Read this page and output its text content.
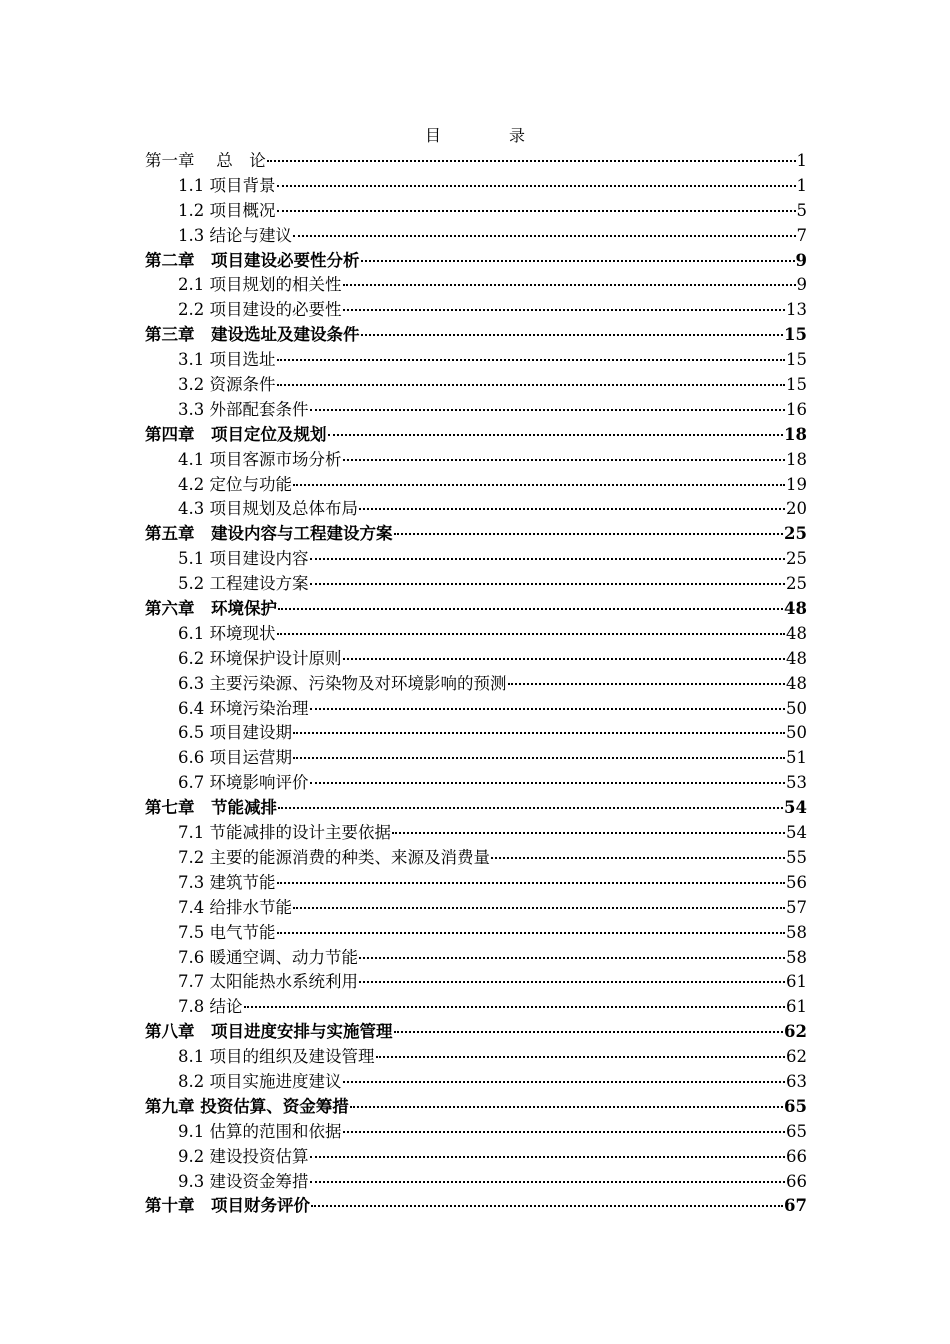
目　录
第一章　 总　论	1
1.1 项目背景	1
1.2 项目概况	5
1.3 结论与建议	7
第二章　项目建设必要性分析	9
2.1 项目规划的相关性	9
2.2 项目建设的必要性	13
第三章　建设选址及建设条件	15
3.1 项目选址	15
3.2 资源条件	15
3.3 外部配套条件	16
第四章　项目定位及规划	18
4.1 项目客源市场分析	18
4.2 定位与功能	19
4.3 项目规划及总体布局	20
第五章　建设内容与工程建设方案	25
5.1 项目建设内容	25
5.2 工程建设方案	25
第六章　环境保护	48
6.1 环境现状	48
6.2 环境保护设计原则	48
6.3 主要污染源、污染物及对环境影响的预测	48
6.4 环境污染治理	50
6.5 项目建设期	50
6.6 项目运营期	51
6.7 环境影响评价	53
第七章　节能减排	54
7.1 节能减排的设计主要依据	54
7.2 主要的能源消费的种类、来源及消费量	55
7.3 建筑节能	56
7.4 给排水节能	57
7.5 电气节能	58
7.6 暖通空调、动力节能	58
7.7 太阳能热水系统利用	61
7.8 结论	61
第八章　项目进度安排与实施管理	62
8.1 项目的组织及建设管理	62
8.2 项目实施进度建议	63
第九章 投资估算、资金筹措	65
9.1 估算的范围和依据	65
9.2 建设投资估算	66
9.3 建设资金筹措	66
第十章　项目财务评价	67
